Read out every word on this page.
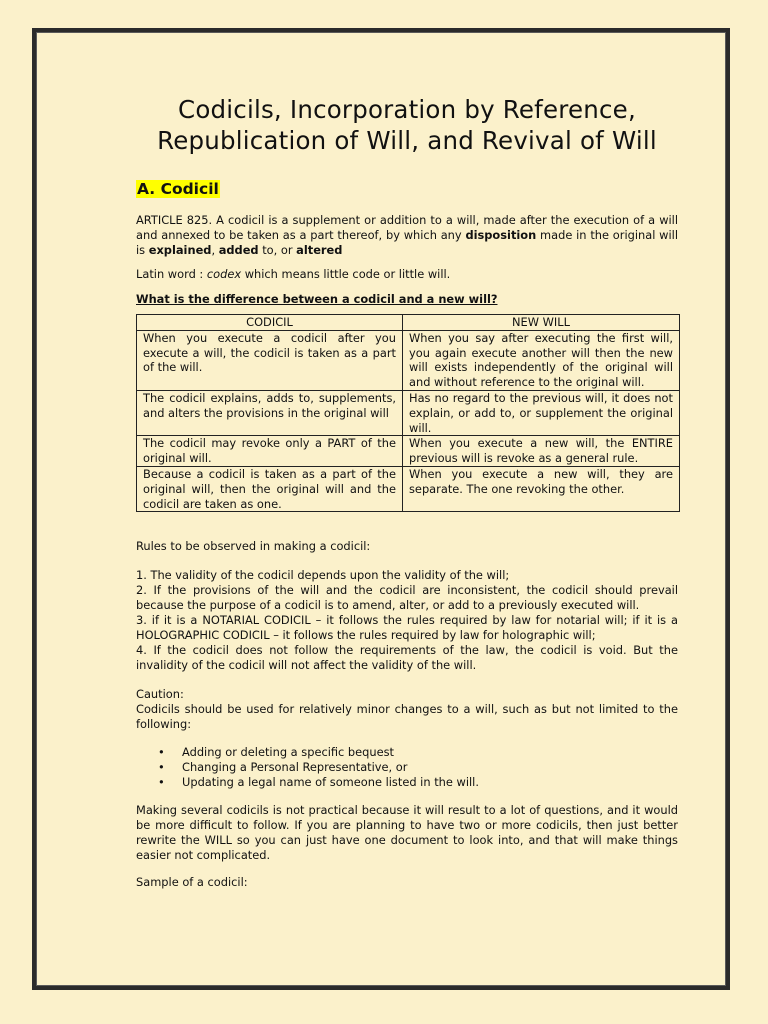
Codicils, Incorporation by Reference, Republication of Will, and Revival of Will
A. Codicil

ARTICLE 825. A codicil is a supplement or addition to a will, made after the execution of a will and annexed to be taken as a part thereof, by which any disposition made in the original will is explained, added to, or altered

Latin word : codex which means little code or little will.

What is the difference between a codicil and a new will?

CODICIL	NEW WILL
When you execute a codicil after you execute a will, the codicil is taken as a part of the will.	When you say after executing the first will, you again execute another will then the new will exists independently of the original will and without reference to the original will.
The codicil explains, adds to, supplements, and alters the provisions in the original will	Has no regard to the previous will, it does not explain, or add to, or supplement the original will.
The codicil may revoke only a PART of the original will.	When you execute a new will, the ENTIRE previous will is revoke as a general rule.
Because a codicil is taken as a part of the original will, then the original will and the codicil are taken as one.	When you execute a new will, they are separate. The one revoking the other.

Rules to be observed in making a codicil:

1. The validity of the codicil depends upon the validity of the will;

2. If the provisions of the will and the codicil are inconsistent, the codicil should prevail because the purpose of a codicil is to amend, alter, or add to a previously executed will.

3. if it is a NOTARIAL CODICIL – it follows the rules required by law for notarial will; if it is a HOLOGRAPHIC CODICIL – it follows the rules required by law for holographic will;

4. If the codicil does not follow the requirements of the law, the codicil is void. But the invalidity of the codicil will not affect the validity of the will.

Caution:

Codicils should be used for relatively minor changes to a will, such as but not limited to the following:

• Adding or deleting a specific bequest
• Changing a Personal Representative, or
• Updating a legal name of someone listed in the will.

Making several codicils is not practical because it will result to a lot of questions, and it would be more difficult to follow. If you are planning to have two or more codicils, then just better rewrite the WILL so you can just have one document to look into, and that will make things easier not complicated.

Sample of a codicil:
